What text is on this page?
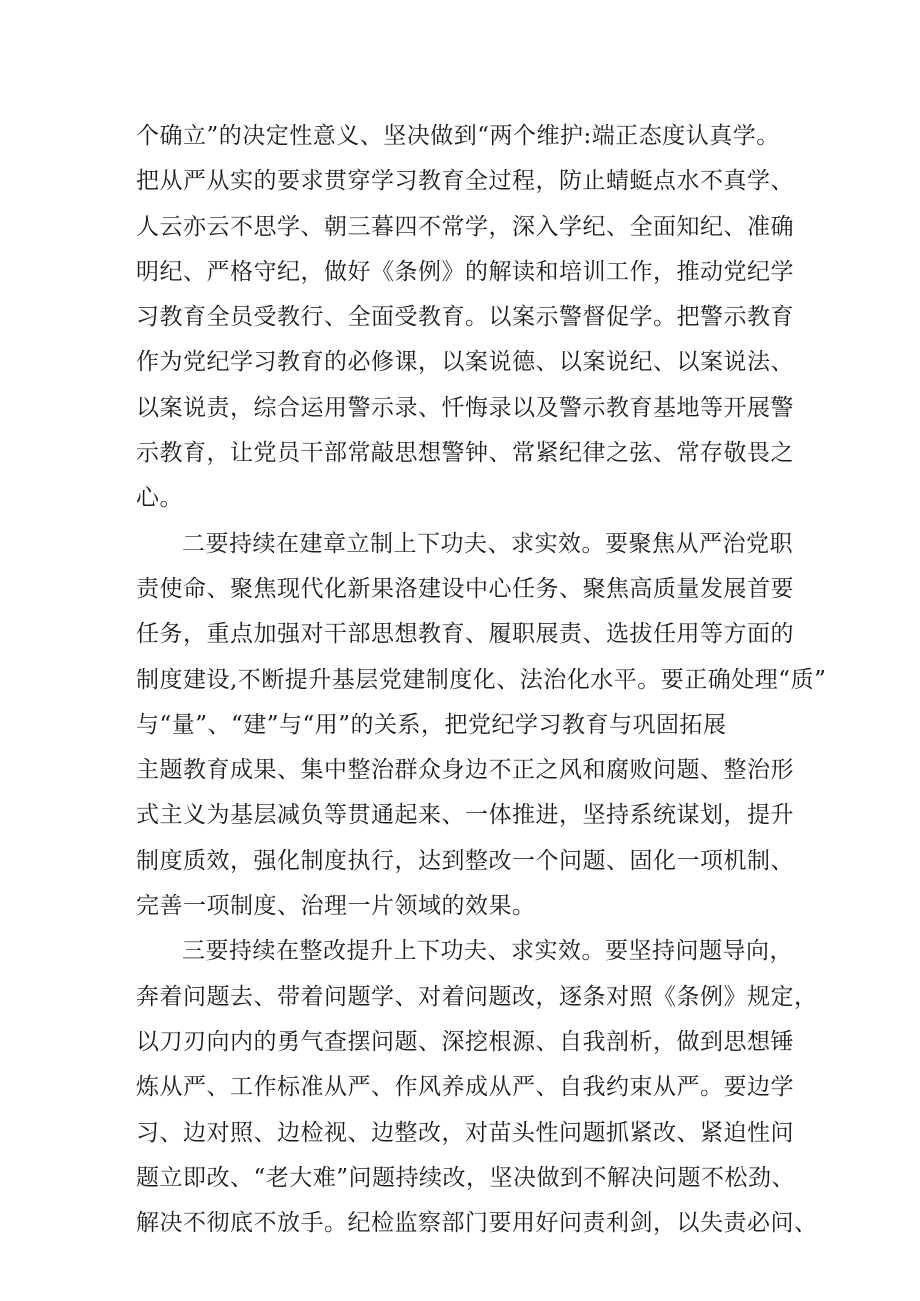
个确立”的决定性意义、坚决做到“两个维护:端正态度认真学。
把从严从实的要求贯穿学习教育全过程，防止蜻蜓点水不真学、
人云亦云不思学、朝三暮四不常学，深入学纪、全面知纪、准确
明纪、严格守纪，做好《条例》的解读和培训工作，推动党纪学
习教育全员受教行、全面受教育。以案示警督促学。把警示教育
作为党纪学习教育的必修课，以案说德、以案说纪、以案说法、
以案说责，综合运用警示录、忏悔录以及警示教育基地等开展警
示教育，让党员干部常敲思想警钟、常紧纪律之弦、常存敬畏之
心。
二要持续在建章立制上下功夫、求实效。要聚焦从严治党职
责使命、聚焦现代化新果洛建设中心任务、聚焦高质量发展首要
任务，重点加强对干部思想教育、履职展责、选拔任用等方面的
制度建设,不断提升基层党建制度化、法治化水平。要正确处理“质”
与“量”、“建”与“用”的关系，把党纪学习教育与巩固拓展
主题教育成果、集中整治群众身边不正之风和腐败问题、整治形
式主义为基层减负等贯通起来、一体推进，坚持系统谋划，提升
制度质效，强化制度执行，达到整改一个问题、固化一项机制、
完善一项制度、治理一片领域的效果。
三要持续在整改提升上下功夫、求实效。要坚持问题导向，
奔着问题去、带着问题学、对着问题改，逐条对照《条例》规定，
以刀刃向内的勇气查摆问题、深挖根源、自我剖析，做到思想锤
炼从严、工作标准从严、作风养成从严、自我约束从严。要边学
习、边对照、边检视、边整改，对苗头性问题抓紧改、紧迫性问
题立即改、“老大难”问题持续改，坚决做到不解决问题不松劲、
解决不彻底不放手。纪检监察部门要用好问责利剑，以失责必问、
